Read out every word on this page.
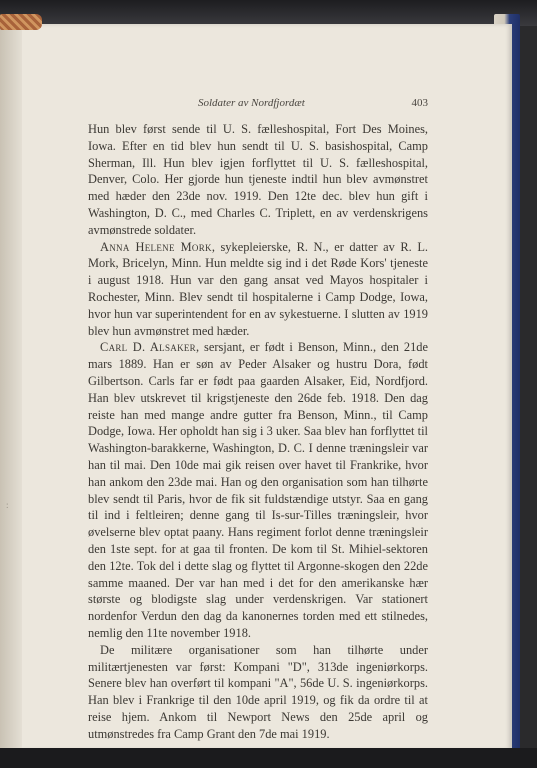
Soldater av Nordfjordæt	403
:

Hun blev først sende til U. S. fælleshospital, Fort Des Moines, Iowa. Efter en tid blev hun sendt til U. S. basishospital, Camp Sherman, Ill. Hun blev igjen forflyttet til U. S. fælleshospital, Denver, Colo. Her gjorde hun tjeneste indtil hun blev avmønstret med hæder den 23de nov. 1919. Den 12te dec. blev hun gift i Washington, D. C., med Charles C. Triplett, en av verdenskrigens avmønstrede soldater.

Anna Helene Mork, sykepleierske, R. N., er datter av R. L. Mork, Bricelyn, Minn. Hun meldte sig ind i det Røde Kors' tjeneste i august 1918. Hun var den gang ansat ved Mayos hospitaler i Rochester, Minn. Blev sendt til hospitalerne i Camp Dodge, Iowa, hvor hun var superintendent for en av sykestuerne. I slutten av 1919 blev hun avmønstret med hæder.

Carl D. Alsaker, sersjant, er født i Benson, Minn., den 21de mars 1889. Han er søn av Peder Alsaker og hustru Dora, født Gilbertson. Carls far er født paa gaarden Alsaker, Eid, Nordfjord. Han blev utskrevet til krigstjeneste den 26de feb. 1918. Den dag reiste han med mange andre gutter fra Benson, Minn., til Camp Dodge, Iowa. Her opholdt han sig i 3 uker. Saa blev han forflyttet til Washington-barakkerne, Washington, D. C. I denne træningsleir var han til mai. Den 10de mai gik reisen over havet til Frankrike, hvor han ankom den 23de mai. Han og den organisation som han tilhørte blev sendt til Paris, hvor de fik sit fuldstændige utstyr. Saa en gang til ind i feltleiren; denne gang til Is-sur-Tilles træningsleir, hvor øvelserne blev optat paany. Hans regiment forlot denne træningsleir den 1ste sept. for at gaa til fronten. De kom til St. Mihiel-sektoren den 12te. Tok del i dette slag og flyttet til Argonne-skogen den 22de samme maaned. Der var han med i det for den amerikanske hær største og blodigste slag under verdenskrigen. Var stationert nordenfor Verdun den dag da kanonernes torden med ett stilnedes, nemlig den 11te november 1918.

De militære organisationer som han tilhørte under militærtjenesten var først: Kompani "D", 313de ingeniørkorps. Senere blev han overført til kompani "A", 56de U. S. ingeniørkorps. Han blev i Frankrige til den 10de april 1919, og fik da ordre til at reise hjem. Ankom til Newport News den 25de april og utmønstredes fra Camp Grant den 7de mai 1919.
